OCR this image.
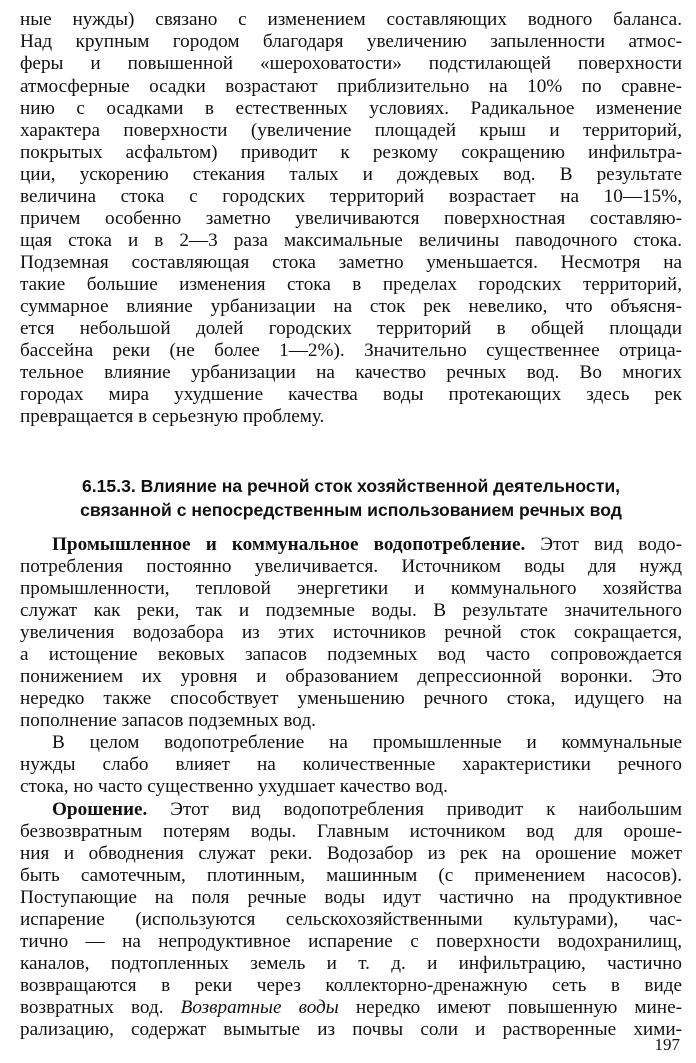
ные нужды) связано с изменением составляющих водного баланса.
Над крупным городом благодаря увеличению запыленности атмос-
феры и повышенной «шероховатости» подстилающей поверхности
атмосферные осадки возрастают приблизительно на 10% по сравне-
нию с осадками в естественных условиях. Радикальное изменение
характера поверхности (увеличение площадей крыш и территорий,
покрытых асфальтом) приводит к резкому сокращению инфильтра-
ции, ускорению стекания талых и дождевых вод. В результате
величина стока с городских территорий возрастает на 10—15%,
причем особенно заметно увеличиваются поверхностная составляю-
щая стока и в 2—3 раза максимальные величины паводочного стока.
Подземная составляющая стока заметно уменьшается. Несмотря на
такие большие изменения стока в пределах городских территорий,
суммарное влияние урбанизации на сток рек невелико, что объясня-
ется небольшой долей городских территорий в общей площади
бассейна реки (не более 1—2%). Значительно существеннее отрица-
тельное влияние урбанизации на качество речных вод. Во многих
городах мира ухудшение качества воды протекающих здесь рек
превращается в серьезную проблему.
6.15.3. Влияние на речной сток хозяйственной деятельности,
связанной с непосредственным использованием речных вод
Промышленное и коммунальное водопотребление. Этот вид водо-
потребления постоянно увеличивается. Источником воды для нужд
промышленности, тепловой энергетики и коммунального хозяйства
служат как реки, так и подземные воды. В результате значительного
увеличения водозабора из этих источников речной сток сокращается,
а истощение вековых запасов подземных вод часто сопровождается
понижением их уровня и образованием депрессионной воронки. Это
нередко также способствует уменьшению речного стока, идущего на
пополнение запасов подземных вод.
В целом водопотребление на промышленные и коммунальные
нужды слабо влияет на количественные характеристики речного
стока, но часто существенно ухудшает качество вод.
Орошение. Этот вид водопотребления приводит к наибольшим
безвозвратным потерям воды. Главным источником вод для ороше-
ния и обводнения служат реки. Водозабор из рек на орошение может
быть самотечным, плотинным, машинным (с применением насосов).
Поступающие на поля речные воды идут частично на продуктивное
испарение (используются сельскохозяйственными культурами), час-
тично — на непродуктивное испарение с поверхности водохранилищ,
каналов, подтопленных земель и т. д. и инфильтрацию, частично
возвращаются в реки через коллекторно-дренажную сеть в виде
возвратных вод. Возвратные воды нередко имеют повышенную мине-
рализацию, содержат вымытые из почвы соли и растворенные хими-
197
